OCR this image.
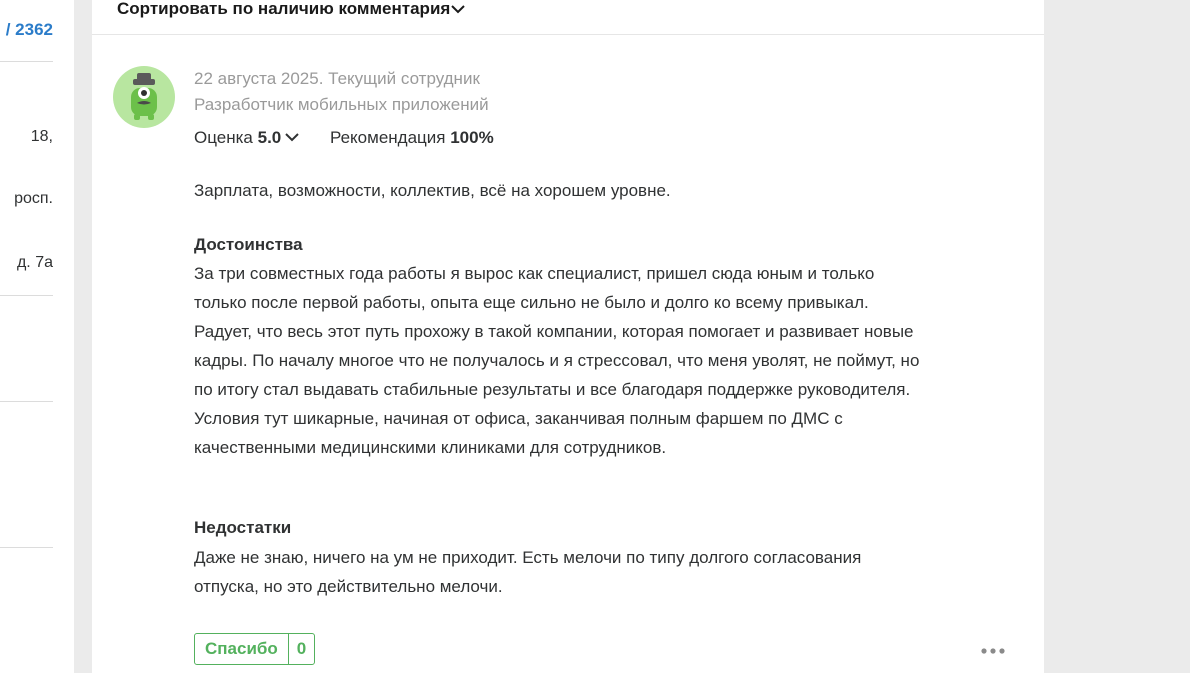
/ 2362
18,
росп.
д. 7а
Сортировать по наличию комментария
22 августа 2025. Текущий сотрудник
Разработчик мобильных приложений
Оценка 5.0	Рекомендация 100%
Зарплата, возможности, коллектив, всё на хорошем уровне.
Достоинства
За три совместных года работы я вырос как специалист, пришел сюда юным и только только после первой работы, опыта еще сильно не было и долго ко всему привыкал. Радует, что весь этот путь прохожу в такой компании, которая помогает и развивает новые кадры. По началу многое что не получалось и я стрессовал, что меня уволят, не поймут, но по итогу стал выдавать стабильные результаты и все благодаря поддержке руководителя. Условия тут шикарные, начиная от офиса, заканчивая полным фаршем по ДМС с качественными медицинскими клиниками для сотрудников.
Недостатки
Даже не знаю, ничего на ум не приходит. Есть мелочи по типу долгого согласования отпуска, но это действительно мелочи.
Спасибо	0
